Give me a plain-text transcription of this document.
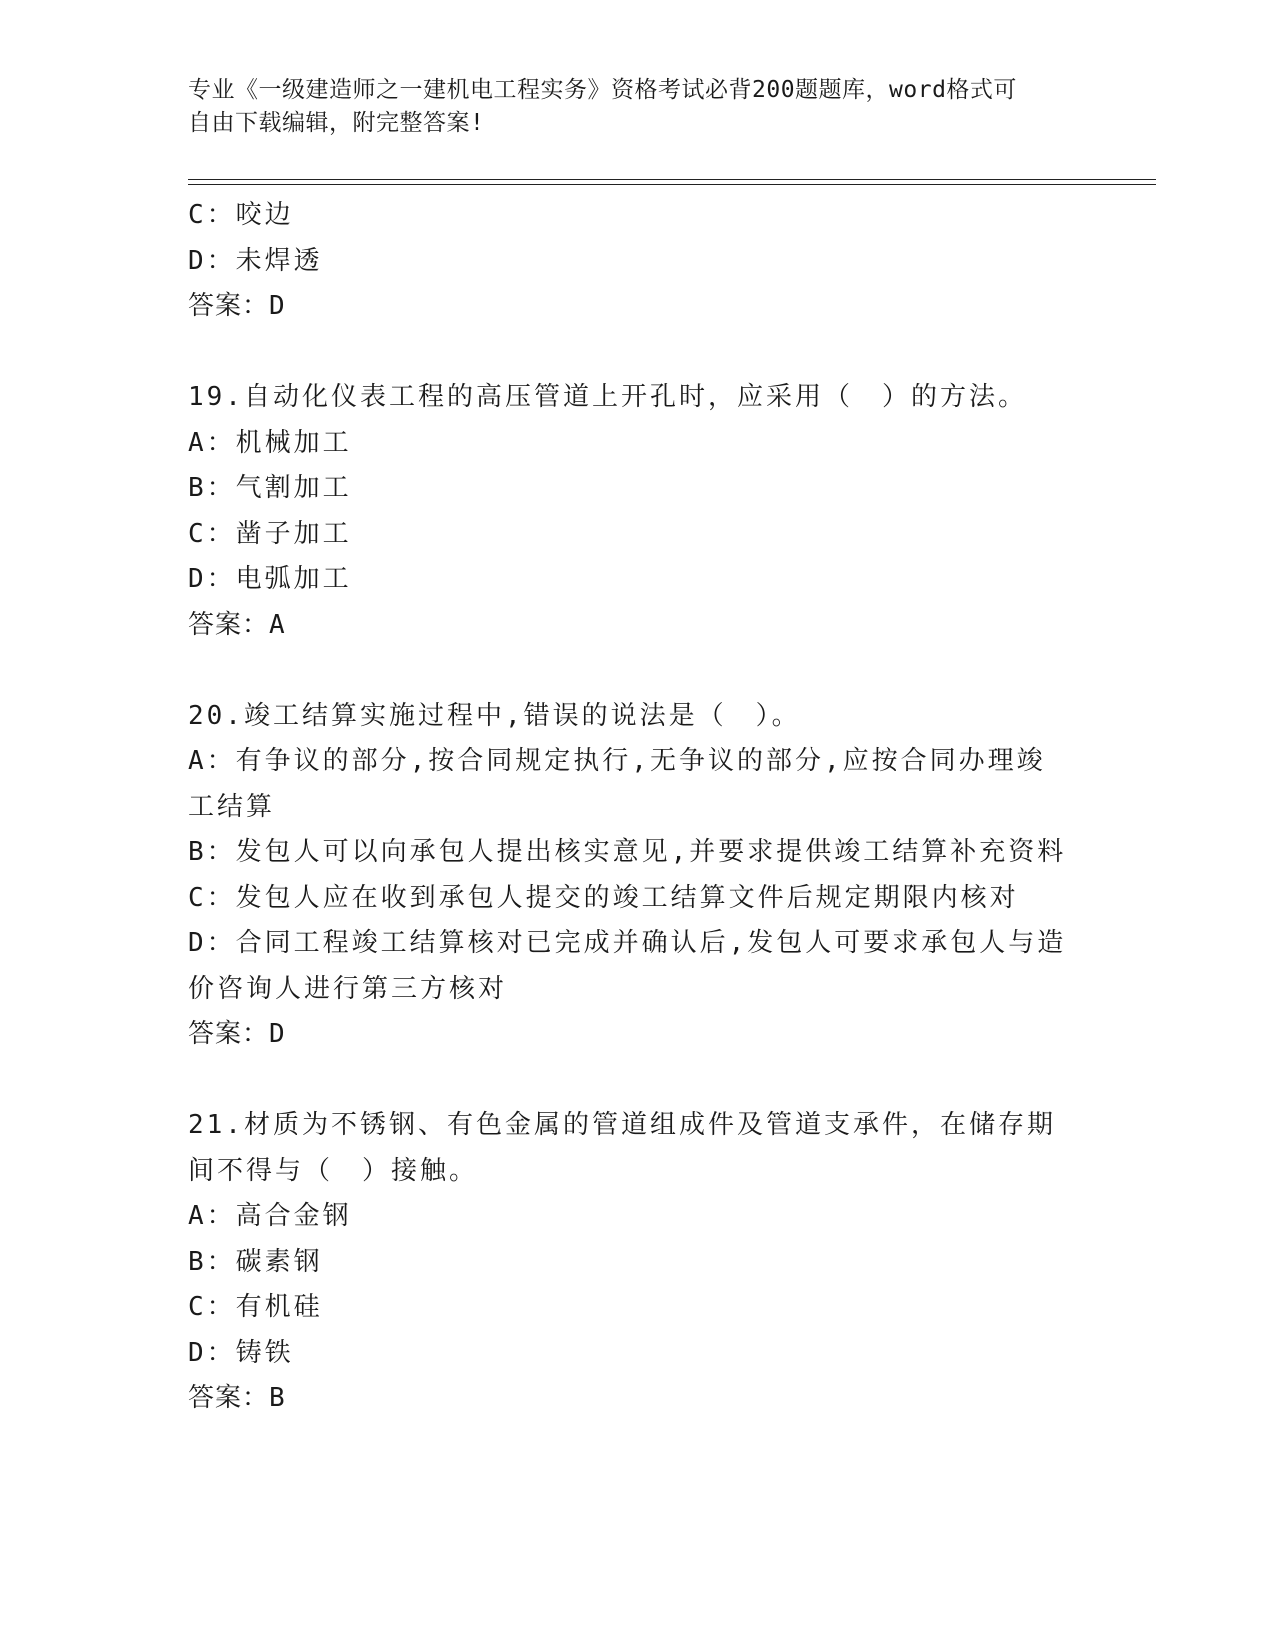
专业《一级建造师之一建机电工程实务》资格考试必背200题题库，word格式可
自由下载编辑，附完整答案!
C：咬边
D：未焊透
答案：D
19.自动化仪表工程的高压管道上开孔时，应采用（　）的方法。
A：机械加工
B：气割加工
C：凿子加工
D：电弧加工
答案：A
20.竣工结算实施过程中,错误的说法是（　）。
A：有争议的部分,按合同规定执行,无争议的部分,应按合同办理竣工结算
B：发包人可以向承包人提出核实意见,并要求提供竣工结算补充资料
C：发包人应在收到承包人提交的竣工结算文件后规定期限内核对
D：合同工程竣工结算核对已完成并确认后,发包人可要求承包人与造价咨询人进行第三方核对
答案：D
21.材质为不锈钢、有色金属的管道组成件及管道支承件，在储存期间不得与（　）接触。
A：高合金钢
B：碳素钢
C：有机硅
D：铸铁
答案：B
